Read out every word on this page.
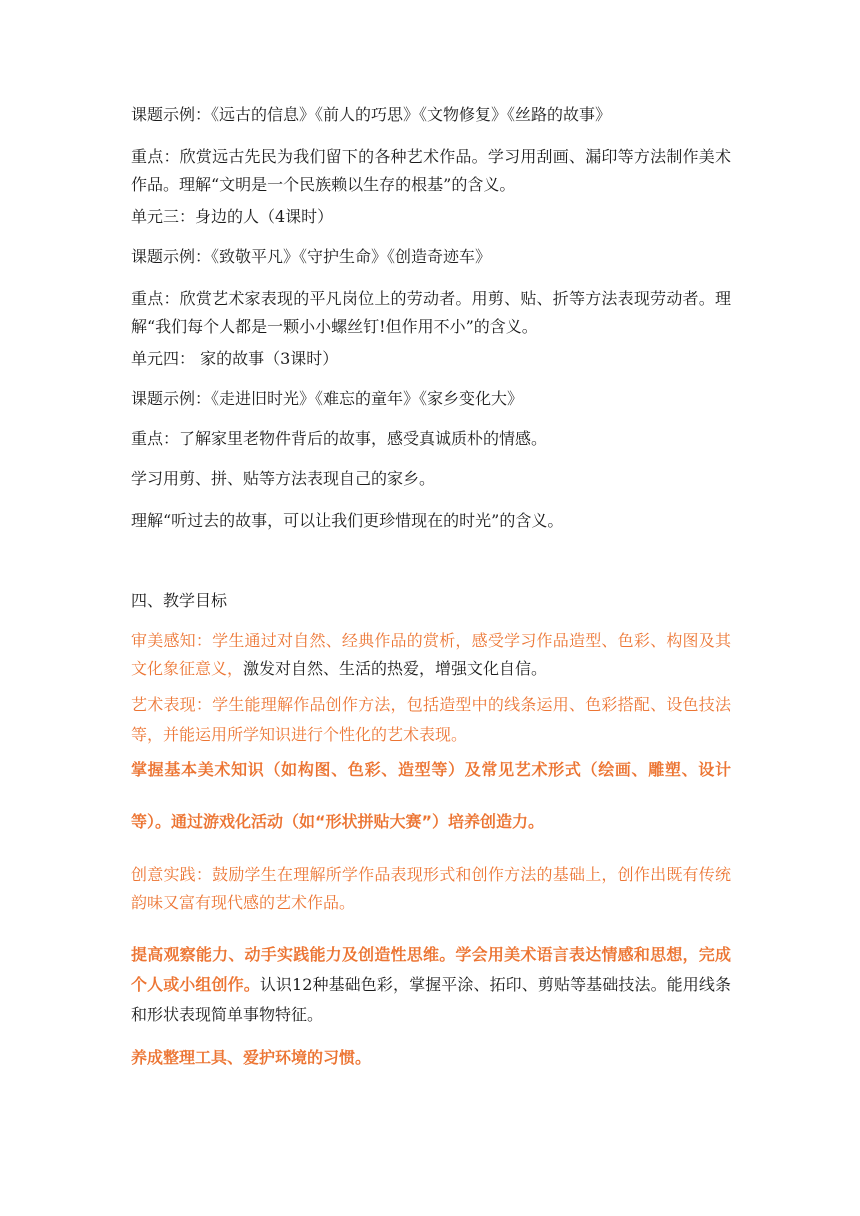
课题示例：《远古的信息》《前人的巧思》《文物修复》《丝路的故事》

重点：欣赏远古先民为我们留下的各种艺术作品。学习用刮画、漏印等方法制作美术作品。理解“文明是一个民族赖以生存的根基”的含义。

单元三：身边的人（4课时）

课题示例：《致敬平凡》《守护生命》《创造奇迹车》

重点：欣赏艺术家表现的平凡岗位上的劳动者。用剪、贴、折等方法表现劳动者。理解“我们每个人都是一颗小小螺丝钉!但作用不小”的含义。

单元四： 家的故事（3课时）

课题示例：《走进旧时光》《难忘的童年》《家乡变化大》

重点：了解家里老物件背后的故事，感受真诚质朴的情感。

学习用剪、拼、贴等方法表现自己的家乡。

理解“听过去的故事，可以让我们更珍惜现在的时光”的含义。

四、教学目标

审美感知：学生通过对自然、经典作品的赏析，感受学习作品造型、色彩、构图及其文化象征意义，激发对自然、生活的热爱，增强文化自信。

艺术表现：学生能理解作品创作方法，包括造型中的线条运用、色彩搭配、设色技法等，并能运用所学知识进行个性化的艺术表现。

掌握基本美术知识（如构图、色彩、造型等）及常见艺术形式（绘画、雕塑、设计等）。通过游戏化活动（如“形状拼贴大赛”）培养创造力。

创意实践：鼓励学生在理解所学作品表现形式和创作方法的基础上，创作出既有传统韵味又富有现代感的艺术作品。

提高观察能力、动手实践能力及创造性思维。学会用美术语言表达情感和思想，完成个人或小组创作。认识12种基础色彩，掌握平涂、拓印、剪贴等基础技法。能用线条和形状表现简单事物特征。

养成整理工具、爱护环境的习惯。
